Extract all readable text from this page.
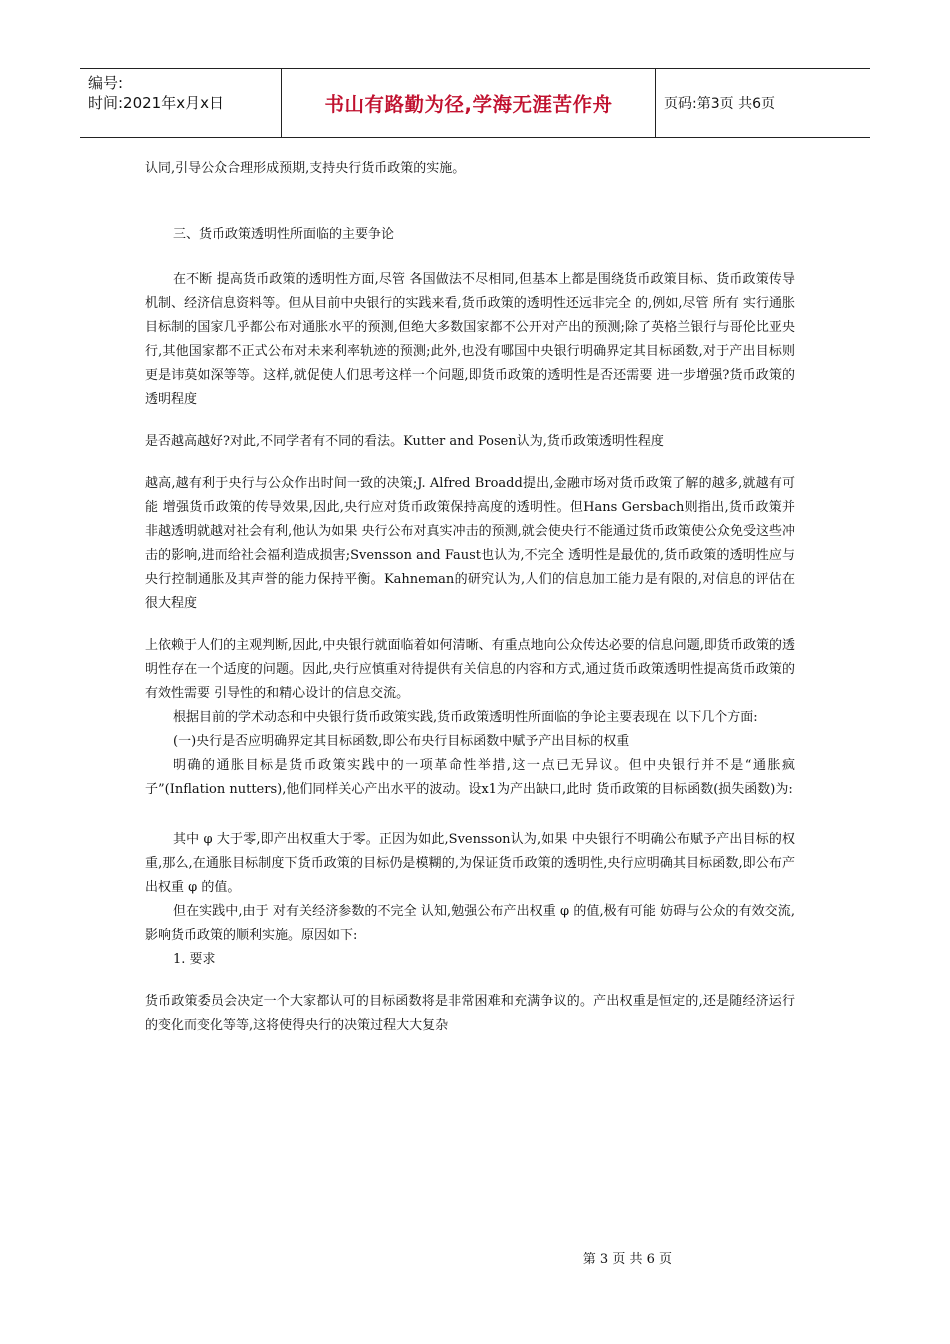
编号:
时间:2021年x月x日	书山有路勤为径,学海无涯苦作舟	页码:第3页 共6页

认同,引导公众合理形成预期,支持央行货币政策的实施。

三、货币政策透明性所面临的主要争论

在不断 提高货币政策的透明性方面,尽管 各国做法不尽相同,但基本上都是围绕货币政策目标、货币政策传导机制、经济信息资料等。但从目前中央银行的实践来看,货币政策的透明性还远非完全 的,例如,尽管 所有 实行通胀目标制的国家几乎都公布对通胀水平的预测,但绝大多数国家都不公开对产出的预测;除了英格兰银行与哥伦比亚央行,其他国家都不正式公布对未来利率轨迹的预测;此外,也没有哪国中央银行明确界定其目标函数,对于产出目标则更是讳莫如深等等。这样,就促使人们思考这样一个问题,即货币政策的透明性是否还需要 进一步增强?货币政策的透明程度

是否越高越好?对此,不同学者有不同的看法。Kutter and Posen认为,货币政策透明性程度

越高,越有利于央行与公众作出时间一致的决策;J. Alfred Broadd提出,金融市场对货币政策了解的越多,就越有可能 增强货币政策的传导效果,因此,央行应对货币政策保持高度的透明性。但Hans Gersbach则指出,货币政策并非越透明就越对社会有利,他认为如果 央行公布对真实冲击的预测,就会使央行不能通过货币政策使公众免受这些冲击的影响,进而给社会福利造成损害;Svensson and Faust也认为,不完全 透明性是最优的,货币政策的透明性应与央行控制通胀及其声誉的能力保持平衡。Kahneman的研究认为,人们的信息加工能力是有限的,对信息的评估在很大程度

上依赖于人们的主观判断,因此,中央银行就面临着如何清晰、有重点地向公众传达必要的信息问题,即货币政策的透明性存在一个适度的问题。因此,央行应慎重对待提供有关信息的内容和方式,通过货币政策透明性提高货币政策的有效性需要 引导性的和精心设计的信息交流。

根据目前的学术动态和中央银行货币政策实践,货币政策透明性所面临的争论主要表现在 以下几个方面:

(一)央行是否应明确界定其目标函数,即公布央行目标函数中赋予产出目标的权重

明确的通胀目标是货币政策实践中的一项革命性举措,这一点已无异议。但中央银行并不是“通胀疯子”(Inflation nutters),他们同样关心产出水平的波动。设x1为产出缺口,此时 货币政策的目标函数(损失函数)为:

其中 φ 大于零,即产出权重大于零。正因为如此,Svensson认为,如果 中央银行不明确公布赋予产出目标的权重,那么,在通胀目标制度下货币政策的目标仍是模糊的,为保证货币政策的透明性,央行应明确其目标函数,即公布产出权重 φ 的值。

但在实践中,由于 对有关经济参数的不完全 认知,勉强公布产出权重 φ 的值,极有可能 妨碍与公众的有效交流,影响货币政策的顺利实施。原因如下:

1. 要求

货币政策委员会决定一个大家都认可的目标函数将是非常困难和充满争议的。产出权重是恒定的,还是随经济运行的变化而变化等等,这将使得央行的决策过程大大复杂

第 3 页 共 6 页
